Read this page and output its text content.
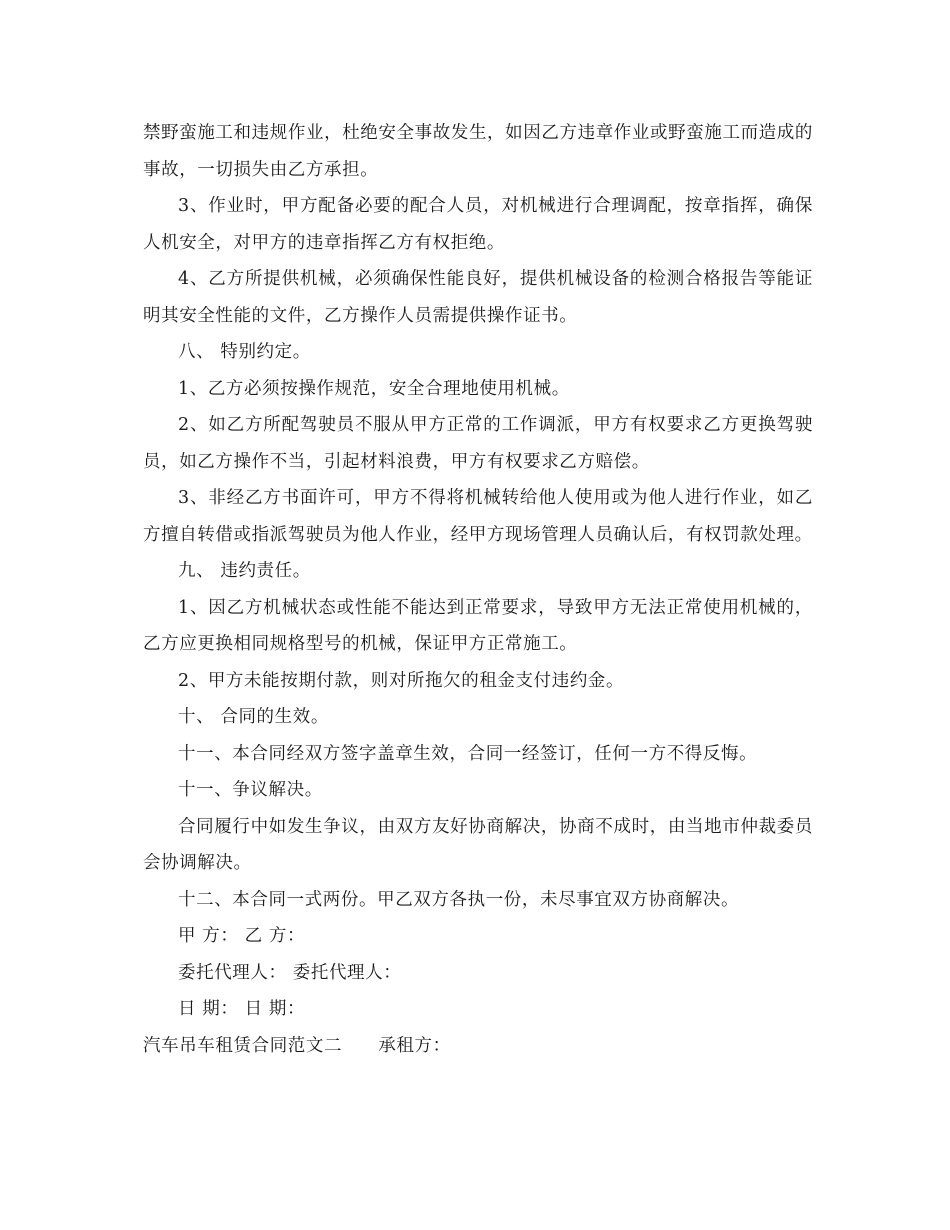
禁野蛮施工和违规作业，杜绝安全事故发生，如因乙方违章作业或野蛮施工而造成的事故，一切损失由乙方承担。

3、作业时，甲方配备必要的配合人员，对机械进行合理调配，按章指挥，确保人机安全，对甲方的违章指挥乙方有权拒绝。

4、乙方所提供机械，必须确保性能良好，提供机械设备的检测合格报告等能证明其安全性能的文件，乙方操作人员需提供操作证书。

八、 特别约定。

1、乙方必须按操作规范，安全合理地使用机械。

2、如乙方所配驾驶员不服从甲方正常的工作调派，甲方有权要求乙方更换驾驶员，如乙方操作不当，引起材料浪费，甲方有权要求乙方赔偿。

3、非经乙方书面许可，甲方不得将机械转给他人使用或为他人进行作业，如乙方擅自转借或指派驾驶员为他人作业，经甲方现场管理人员确认后，有权罚款处理。

九、 违约责任。

1、因乙方机械状态或性能不能达到正常要求，导致甲方无法正常使用机械的，乙方应更换相同规格型号的机械，保证甲方正常施工。

2、甲方未能按期付款，则对所拖欠的租金支付违约金。

十、 合同的生效。

十一、本合同经双方签字盖章生效，合同一经签订，任何一方不得反悔。

十一、争议解决。

合同履行中如发生争议，由双方友好协商解决，协商不成时，由当地市仲裁委员会协调解决。

十二、本合同一式两份。甲乙双方各执一份，未尽事宜双方协商解决。

甲 方： 乙 方：

委托代理人： 委托代理人：

日 期： 日 期：

汽车吊车租赁合同范文二　　承租方：
